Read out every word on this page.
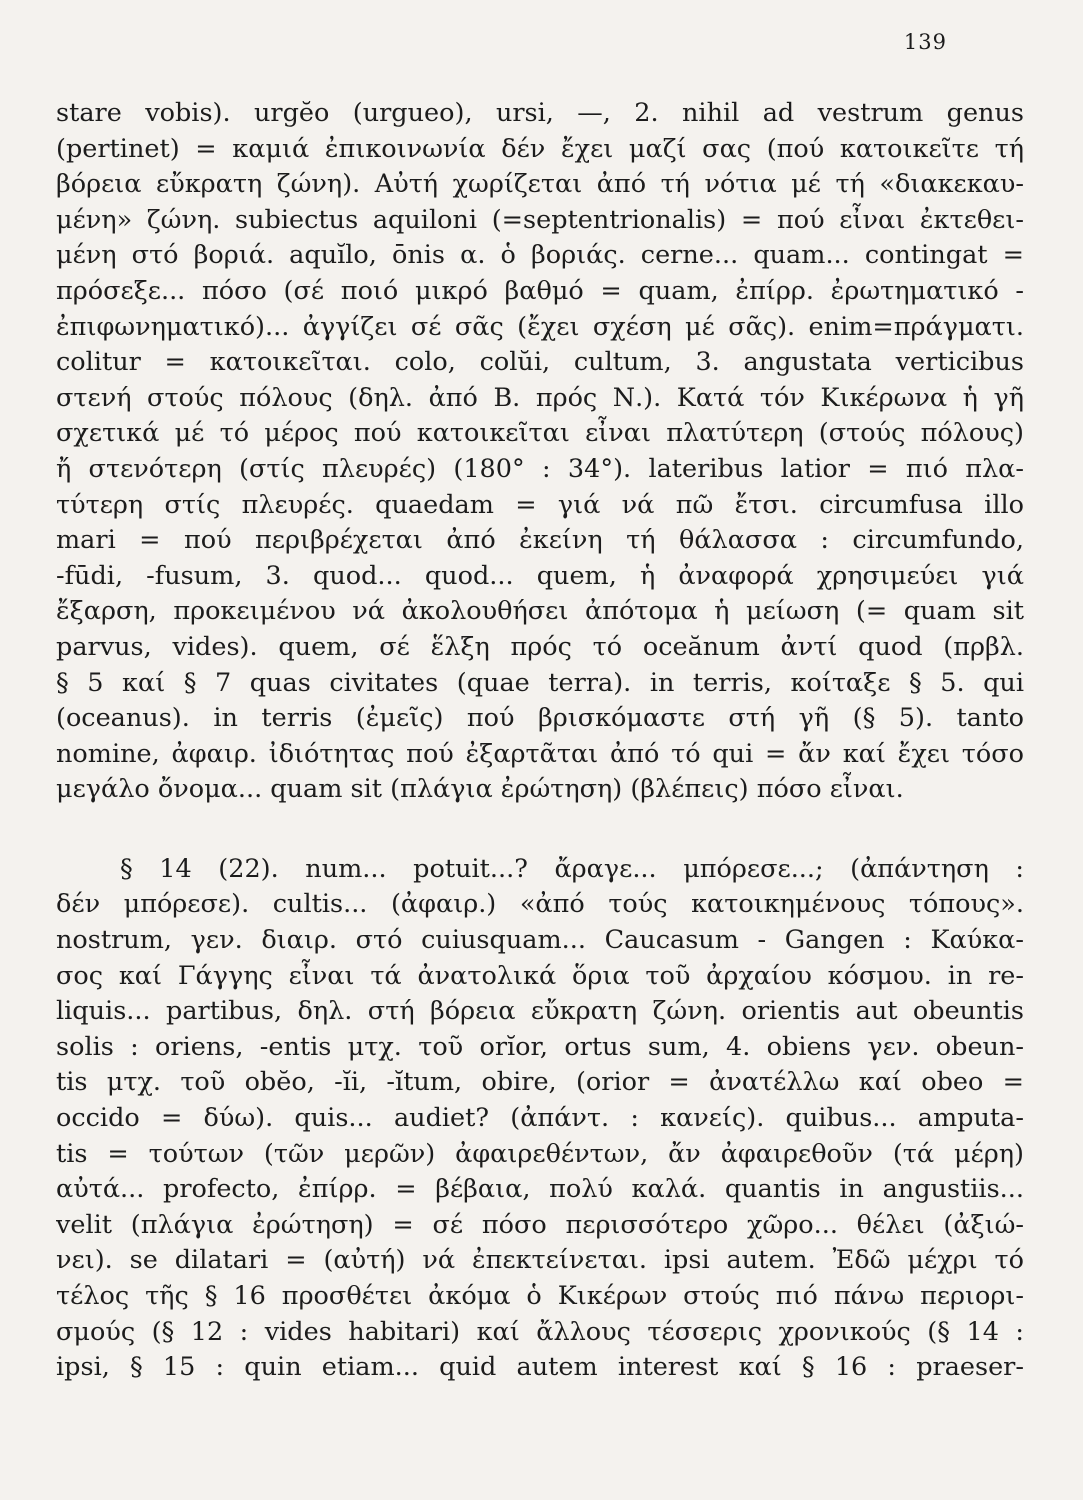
139

stare vobis). urgĕo (urgueo), ursi, —, 2. nihil ad vestrum genus
(pertinet) = καμιά ἐπικοινωνία δέν ἔχει μαζί σας (πού κατοικεῖτε τή
βόρεια εὔκρατη ζώνη). Αὐτή χωρίζεται ἀπό τή νότια μέ τή «διακεκαυ-
μένη» ζώνη. subiectus aquiloni (=septentrionalis) = πού εἶναι ἐκτεθει-
μένη στό βοριά. aquĭlo, ōnis α. ὁ βοριάς. cerne... quam... contingat =
πρόσεξε... πόσο (σέ ποιό μικρό βαθμό = quam, ἐπίρρ. ἐρωτηματικό -
ἐπιφωνηματικό)... ἀγγίζει σέ σᾶς (ἔχει σχέση μέ σᾶς). enim=πράγματι.
colitur = κατοικεῖται. colo, colŭi, cultum, 3. angustata verticibus
στενή στούς πόλους (δηλ. ἀπό Β. πρός Ν.). Κατά τόν Κικέρωνα ἡ γῆ
σχετικά μέ τό μέρος πού κατοικεῖται εἶναι πλατύτερη (στούς πόλους)
ἤ στενότερη (στίς πλευρές) (180° : 34°). lateribus latior = πιό πλα-
τύτερη στίς πλευρές. quaedam = γιά νά πῶ ἔτσι. circumfusa illo
mari = πού περιβρέχεται ἀπό ἐκείνη τή θάλασσα : circumfundo,
-fūdi, -fusum, 3. quod... quod... quem, ἡ ἀναφορά χρησιμεύει γιά
ἔξαρση, προκειμένου νά ἀκολουθήσει ἀπότομα ἡ μείωση (= quam sit
parvus, vides). quem, σέ ἕλξη πρός τό oceănum ἀντί quod (πρβλ.
§ 5 καί § 7 quas civitates (quae terra). in terris, κοίταξε § 5. qui
(oceanus). in terris (ἐμεῖς) πού βρισκόμαστε στή γῆ (§ 5). tanto
nomine, ἀφαιρ. ἰδιότητας πού ἐξαρτᾶται ἀπό τό qui = ἄν καί ἔχει τόσο
μεγάλο ὄνομα... quam sit (πλάγια ἐρώτηση) (βλέπεις) πόσο εἶναι.

§ 14 (22). num... potuit...? ἄραγε... μπόρεσε...; (ἀπάντηση :
δέν μπόρεσε). cultis... (ἀφαιρ.) «ἀπό τούς κατοικημένους τόπους».
nostrum, γεν. διαιρ. στό cuiusquam... Caucasum - Gangen : Καύκα-
σος καί Γάγγης εἶναι τά ἀνατολικά ὅρια τοῦ ἀρχαίου κόσμου. in re-
liquis... partibus, δηλ. στή βόρεια εὔκρατη ζώνη. orientis aut obeuntis
solis : oriens, -entis μτχ. τοῦ orĭor, ortus sum, 4. obiens γεν. obeun-
tis μτχ. τοῦ obĕo, -ĭi, -ĭtum, obire, (orior = ἀνατέλλω καί obeo =
occido = δύω). quis... audiet? (ἀπάντ. : κανείς). quibus... amputa-
tis = τούτων (τῶν μερῶν) ἀφαιρεθέντων, ἄν ἀφαιρεθοῦν (τά μέρη)
αὐτά... profecto, ἐπίρρ. = βέβαια, πολύ καλά. quantis in angustiis...
velit (πλάγια ἐρώτηση) = σέ πόσο περισσότερο χῶρο... θέλει (ἀξιώ-
νει). se dilatari = (αὐτή) νά ἐπεκτείνεται. ipsi autem. Ἐδῶ μέχρι τό
τέλος τῆς § 16 προσθέτει ἀκόμα ὁ Κικέρων στούς πιό πάνω περιορι-
σμούς (§ 12 : vides habitari) καί ἄλλους τέσσερις χρονικούς (§ 14 :
ipsi, § 15 : quin etiam... quid autem interest καί § 16 : praeser-
